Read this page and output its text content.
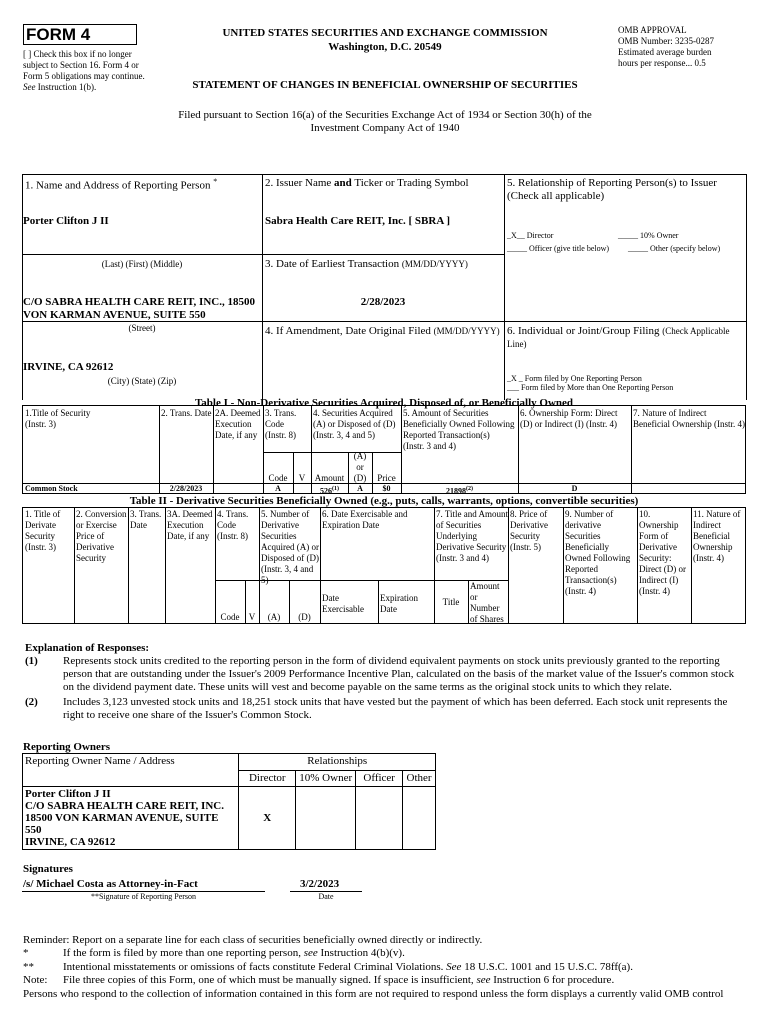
FORM 4
[ ] Check this box if no longer subject to Section 16. Form 4 or Form 5 obligations may continue. See Instruction 1(b).
UNITED STATES SECURITIES AND EXCHANGE COMMISSION
Washington, D.C. 20549
STATEMENT OF CHANGES IN BENEFICIAL OWNERSHIP OF SECURITIES
OMB APPROVAL
OMB Number: 3235-0287
Estimated average burden
hours per response... 0.5
Filed pursuant to Section 16(a) of the Securities Exchange Act of 1934 or Section 30(h) of the
Investment Company Act of 1940
1. Name and Address of Reporting Person *
Porter Clifton J II
(Last) (First) (Middle)
C/O SABRA HEALTH CARE REIT, INC., 18500 VON KARMAN AVENUE, SUITE 550
(Street)
IRVINE, CA 92612
(City) (State) (Zip)
2. Issuer Name and Ticker or Trading Symbol
Sabra Health Care REIT, Inc. [ SBRA ]
3. Date of Earliest Transaction (MM/DD/YYYY)
2/28/2023
4. If Amendment, Date Original Filed (MM/DD/YYYY)
5. Relationship of Reporting Person(s) to Issuer
(Check all applicable)
_X__ Director	_____ 10% Owner
_____ Officer (give title below) _____ Other (specify below)
6. Individual or Joint/Group Filing (Check Applicable Line)
_X _ Form filed by One Reporting Person
___ Form filed by More than One Reporting Person
Table I - Non-Derivative Securities Acquired, Disposed of, or Beneficially Owned
1.Title of Security
(Instr. 3)
2. Trans. Date 2A. Deemed Execution Date, if any
3. Trans. Code
(Instr. 8)
4. Securities Acquired (A) or Disposed of (D)
(Instr. 3, 4 and 5)
5. Amount of Securities Beneficially Owned Following Reported Transaction(s)
(Instr. 3 and 4)
6. Ownership Form: Direct (D) or Indirect (I) (Instr. 4)
7. Nature of Indirect Beneficial Ownership (Instr. 4)
Code	V	Amount
(A) or (D)	Price
Common Stock	2/28/2023	A	526$^{(1)}$	A	$0	21898$^{(2)}$	D
Table II - Derivative Securities Beneficially Owned (e.g., puts, calls, warrants, options, convertible securities)
1. Title of Derivate Security (Instr. 3)
2. Conversion or Exercise Price of Derivative Security
3. Trans. Date
3A. Deemed Execution Date, if any
4. Trans. Code (Instr. 8)
5. Number of Derivative Securities Acquired (A) or Disposed of (D) (Instr. 3, 4 and 5)
6. Date Exercisable and Expiration Date
7. Title and Amount of Securities Underlying Derivative Security (Instr. 3 and 4)
8. Price of Derivative Security (Instr. 5)
9. Number of derivative Securities Beneficially Owned Following Reported Transaction(s) (Instr. 4)
10. Ownership Form of Derivative Security: Direct (D) or Indirect (I) (Instr. 4)
11. Nature of Indirect Beneficial Ownership (Instr. 4)
Code	V	(A)	(D)
Date Exercisable
Expiration Date
Title
Amount or Number of Shares
Explanation of Responses:
(1) Represents stock units credited to the reporting person in the form of dividend equivalent payments on stock units previously granted to the reporting person that are outstanding under the Issuer's 2009 Performance Incentive Plan, calculated on the basis of the market value of the Issuer's common stock on the dividend payment date. These units will vest and become payable on the same terms as the original stock units to which they relate.
(2) Includes 3,123 unvested stock units and 18,251 stock units that have vested but the payment of which has been deferred. Each stock unit represents the right to receive one share of the Issuer's Common Stock.
Reporting Owners
Reporting Owner Name / Address	Relationships			
	Director	10% Owner	Officer	Other

Porter Clifton J II
C/O SABRA HEALTH CARE REIT, INC.
18500 VON KARMAN AVENUE, SUITE 550
IRVINE, CA 92612	X			
Signatures
/s/ Michael Costa as Attorney-in-Fact	3/2/2023
**Signature of Reporting Person	Date
Reminder: Report on a separate line for each class of securities beneficially owned directly or indirectly.
*	If the form is filed by more than one reporting person, see Instruction 4(b)(v).
**	Intentional misstatements or omissions of facts constitute Federal Criminal Violations. See 18 U.S.C. 1001 and 15 U.S.C. 78ff(a).
Note: File three copies of this Form, one of which must be manually signed. If space is insufficient, see Instruction 6 for procedure.
Persons who respond to the collection of information contained in this form are not required to respond unless the form displays a currently valid OMB control
